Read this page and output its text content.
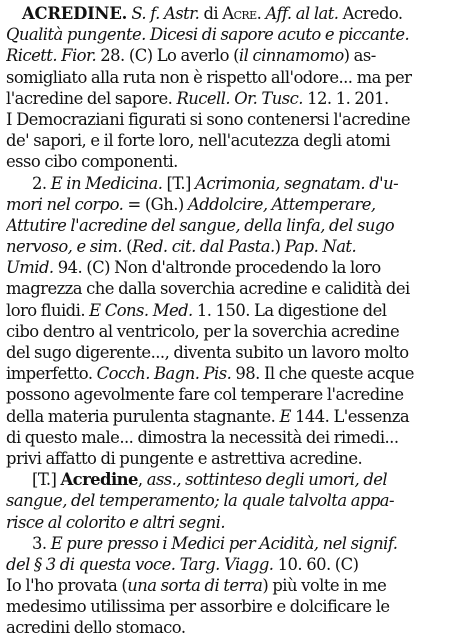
ACREDINE. S. f. Astr. di Acre. Aff. al lat. Acredo.
Qualità pungente. Dicesi di sapore acuto e piccante.
Ricett. Fior. 28. (C) Lo averlo (il cinnamomo) as-
somigliato alla ruta non è rispetto all'odore... ma per
l'acredine del sapore. Rucell. Or. Tusc. 12. 1. 201.
I Democraziani figurati si sono contenersi l'acredine
de' sapori, e il forte loro, nell'acutezza degli atomi
esso cibo componenti.
2. E in Medicina. [T.] Acrimonia, segnatam. d'u-
mori nel corpo. = (Gh.) Addolcire, Attemperare,
Attutire l'acredine del sangue, della linfa, del sugo
nervoso, e sim. (Red. cit. dal Pasta.) Pap. Nat.
Umid. 94. (C) Non d'altronde procedendo la loro
magrezza che dalla soverchia acredine e calidità dei
loro fluidi. E Cons. Med. 1. 150. La digestione del
cibo dentro al ventricolo, per la soverchia acredine
del sugo digerente..., diventa subito un lavoro molto
imperfetto. Cocch. Bagn. Pis. 98. Il che queste acque
possono agevolmente fare col temperare l'acredine
della materia purulenta stagnante. E 144. L'essenza
di questo male... dimostra la necessità dei rimedi...
privi affatto di pungente e astrettiva acredine.
[T.] Acredine, ass., sottinteso degli umori, del
sangue, del temperamento; la quale talvolta appa-
risce al colorito e altri segni.
3. E pure presso i Medici per Acidità, nel signif.
del § 3 di questa voce. Targ. Viagg. 10. 60. (C)
Io l'ho provata (una sorta di terra) più volte in me
medesimo utilissima per assorbire e dolcificare le
acredini dello stomaco.
